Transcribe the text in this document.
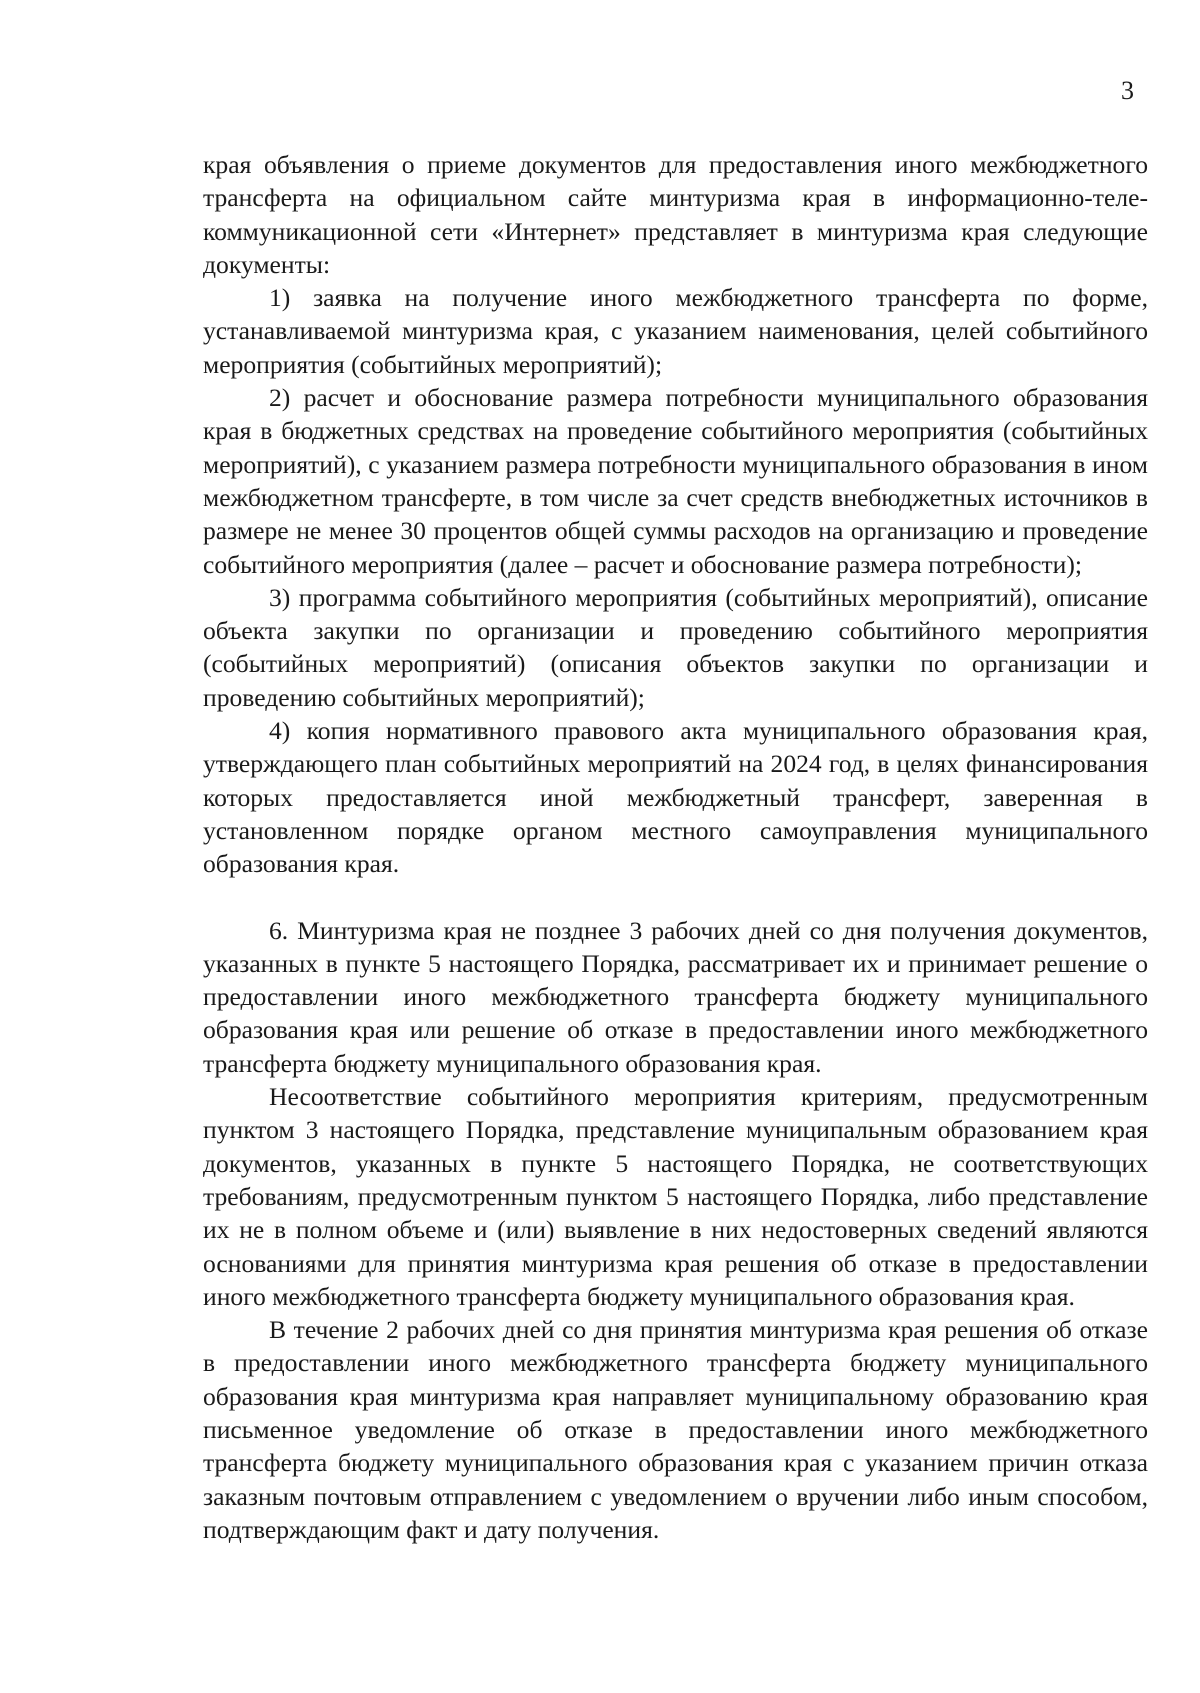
3

края объявления о приеме документов для предоставления иного межбюджетного трансферта на официальном сайте минтуризма края в информационно-теле-коммуникационной сети «Интернет» представляет в минтуризма края следующие документы:

1) заявка на получение иного межбюджетного трансферта по форме, устанавливаемой минтуризма края, с указанием наименования, целей событийного мероприятия (событийных мероприятий);

2) расчет и обоснование размера потребности муниципального образования края в бюджетных средствах на проведение событийного мероприятия (событийных мероприятий), с указанием размера потребности муниципального образования в ином межбюджетном трансферте, в том числе за счет средств внебюджетных источников в размере не менее 30 процентов общей суммы расходов на организацию и проведение событийного мероприятия (далее – расчет и обоснование размера потребности);

3) программа событийного мероприятия (событийных мероприятий), описание объекта закупки по организации и проведению событийного мероприятия (событийных мероприятий) (описания объектов закупки по организации и проведению событийных мероприятий);

4) копия нормативного правового акта муниципального образования края, утверждающего план событийных мероприятий на 2024 год, в целях финансирования которых предоставляется иной межбюджетный трансферт, заверенная в установленном порядке органом местного самоуправления муниципального образования края.

6. Минтуризма края не позднее 3 рабочих дней со дня получения документов, указанных в пункте 5 настоящего Порядка, рассматривает их и принимает решение о предоставлении иного межбюджетного трансферта бюджету муниципального образования края или решение об отказе в предоставлении иного межбюджетного трансферта бюджету муниципального образования края.

Несоответствие событийного мероприятия критериям, предусмотренным пунктом 3 настоящего Порядка, представление муниципальным образованием края документов, указанных в пункте 5 настоящего Порядка, не соответствующих требованиям, предусмотренным пунктом 5 настоящего Порядка, либо представление их не в полном объеме и (или) выявление в них недостоверных сведений являются основаниями для принятия минтуризма края решения об отказе в предоставлении иного межбюджетного трансферта бюджету муниципального образования края.

В течение 2 рабочих дней со дня принятия минтуризма края решения об отказе в предоставлении иного межбюджетного трансферта бюджету муниципального образования края минтуризма края направляет муниципальному образованию края письменное уведомление об отказе в предоставлении иного межбюджетного трансферта бюджету муниципального образования края с указанием причин отказа заказным почтовым отправлением с уведомлением о вручении либо иным способом, подтверждающим факт и дату получения.
